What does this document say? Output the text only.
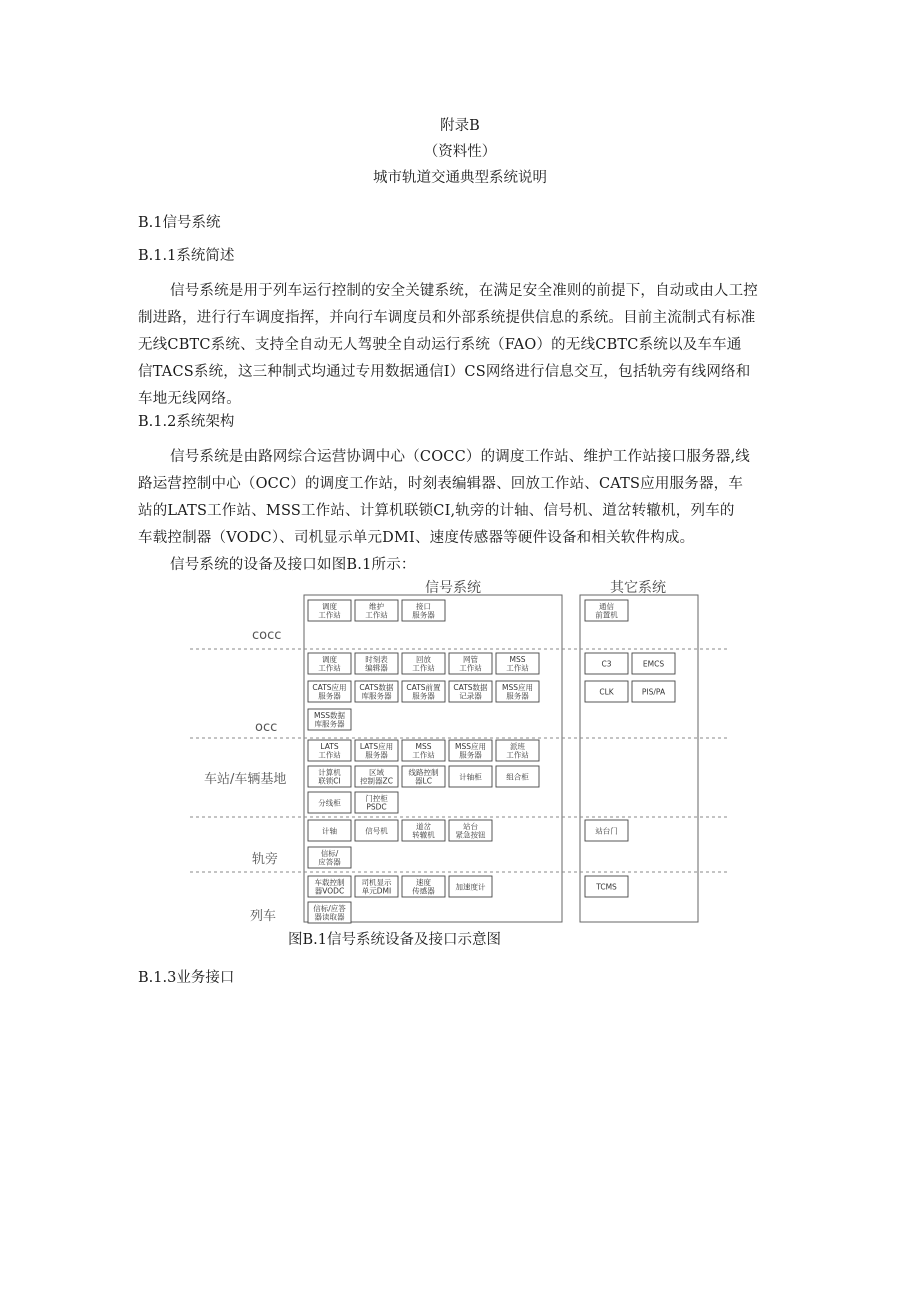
附录B
（资料性）
城市轨道交通典型系统说明
B.1信号系统
B.1.1系统简述
信号系统是用于列车运行控制的安全关键系统，在满足安全准则的前提下，自动或由人工控
制进路，进行行车调度指挥，并向行车调度员和外部系统提供信息的系统。目前主流制式有标准
无线CBTC系统、支持全自动无人驾驶全自动运行系统（FAO）的无线CBTC系统以及车车通
信TACS系统，这三种制式均通过专用数据通信I）CS网络进行信息交互，包括轨旁有线网络和
车地无线网络。
B.1.2系统架构
信号系统是由路网综合运营协调中心（COCC）的调度工作站、维护工作站接口服务器,线
路运营控制中心（OCC）的调度工作站，时刻表编辑器、回放工作站、CATS应用服务器，车
站的LATS工作站、MSS工作站、计算机联锁CI,轨旁的计轴、信号机、道岔转辙机，列车的
车载控制器（VODC）、司机显示单元DMI、速度传感器等硬件设备和相关软件构成。
信号系统的设备及接口如图B.1所示：
信号系统	其它系统
cocc
occ
车站/车辆基地
轨旁
列车
调度
工作站
维护
工作站
接口
服务器
调度
工作站
时刻表
编辑器
回放
工作站
网管
工作站
MSS
工作站
CATS应用
服务器
CATS数据
库服务器
CATS前置
服务器
CATS数据
记录器
MSS应用
服务器
MSS数据
库服务器
LATS
工作站
LATS应用
服务器
MSS
工作站
MSS应用
服务器
派班
工作站
计算机
联锁CI
区域
控制器ZC
线路控制
器LC	计轴柜	组合柜
分线柜	门控柜
PSDC
计轴	信号机	道岔
转辙机
站台
紧急按钮
信标/
应答器
车载控制
器VODC
司机显示
单元DMI
速度
传感器	加速度计
信标/应答
器读取器
通信
前置机
C3	EMCS
CLK	PIS/PA
站台门
TCMS
图B.1信号系统设备及接口示意图
B.1.3业务接口
